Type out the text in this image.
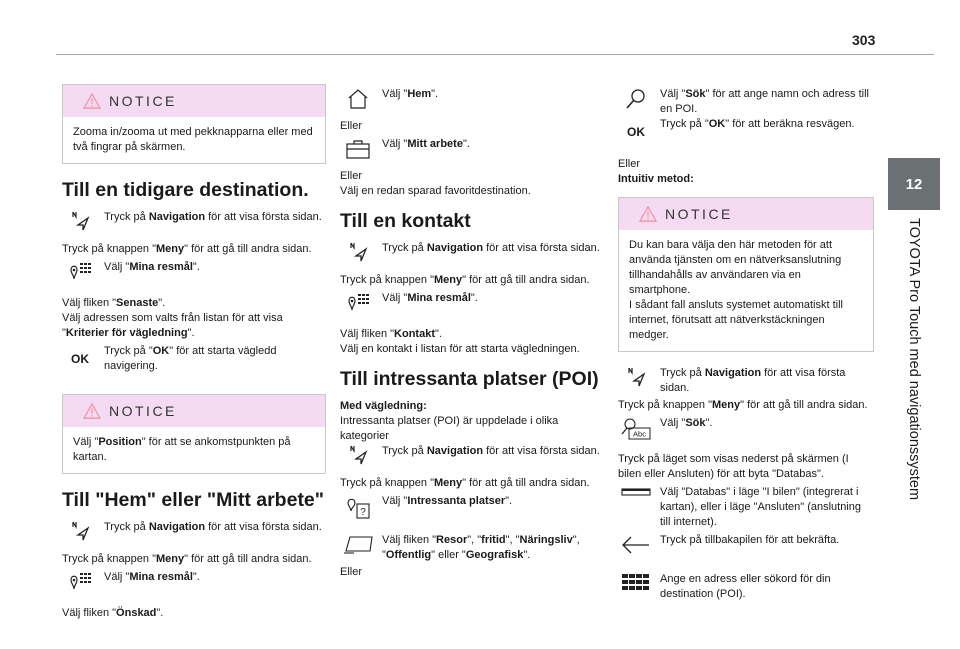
303
12
TOYOTA Pro Touch med navigationssystem
NOTICE
Zooma in/zooma ut med pekknapparna eller med två fingrar på skärmen.
Till en tidigare destination.
Tryck på Navigation för att visa första sidan.

Tryck på knappen "Meny" för att gå till andra sidan.

Välj "Mina resmål".

Välj fliken "Senaste".

Välj adressen som valts från listan för att visa "Kriterier för vägledning".

OK
Tryck på "OK" för att starta vägledd navigering.
NOTICE
Välj "Position" för att se ankomstpunkten på kartan.
Till "Hem" eller "Mitt arbete"
Tryck på Navigation för att visa första sidan.

Tryck på knappen "Meny" för att gå till andra sidan.

Välj "Mina resmål".

Välj fliken "Önskad".

Välj "Hem".

Eller

Välj "Mitt arbete".

Eller

Välj en redan sparad favoritdestination.

Till en kontakt
Tryck på Navigation för att visa första sidan.

Tryck på knappen "Meny" för att gå till andra sidan.

Välj "Mina resmål".

Välj fliken "Kontakt".

Välj en kontakt i listan för att starta vägledningen.

Till intressanta platser (POI)

Med vägledning:

Intressanta platser (POI) är uppdelade i olika kategorier

Tryck på Navigation för att visa första sidan.

Tryck på knappen "Meny" för att gå till andra sidan.

?
Välj "Intressanta platser".
Välj fliken "Resor", "fritid", "Näringsliv", "Offentlig" eller "Geografisk".

Eller

Välj "Sök" för att ange namn och adress till en POI.
OK
Tryck på "OK" för att beräkna resvägen.

Eller

Intuitiv metod:

NOTICE

Du kan bara välja den här metoden för att använda tjänsten om en nätverksanslutning tillhandahålls av användaren via en smartphone.

I sådant fall ansluts systemet automatiskt till internet, förutsatt att nätverkstäckningen medger.

Tryck på Navigation för att visa första sidan.

Tryck på knappen "Meny" för att gå till andra sidan.

Abc
Välj "Sök".

Tryck på läget som visas nederst på skärmen (I bilen eller Ansluten) för att byta "Databas".

Välj "Databas" i läge "I bilen" (integrerat i kartan), eller i läge "Ansluten" (anslutning till internet).
Tryck på tillbakapilen för att bekräfta.
Ange en adress eller sökord för din destination (POI).
